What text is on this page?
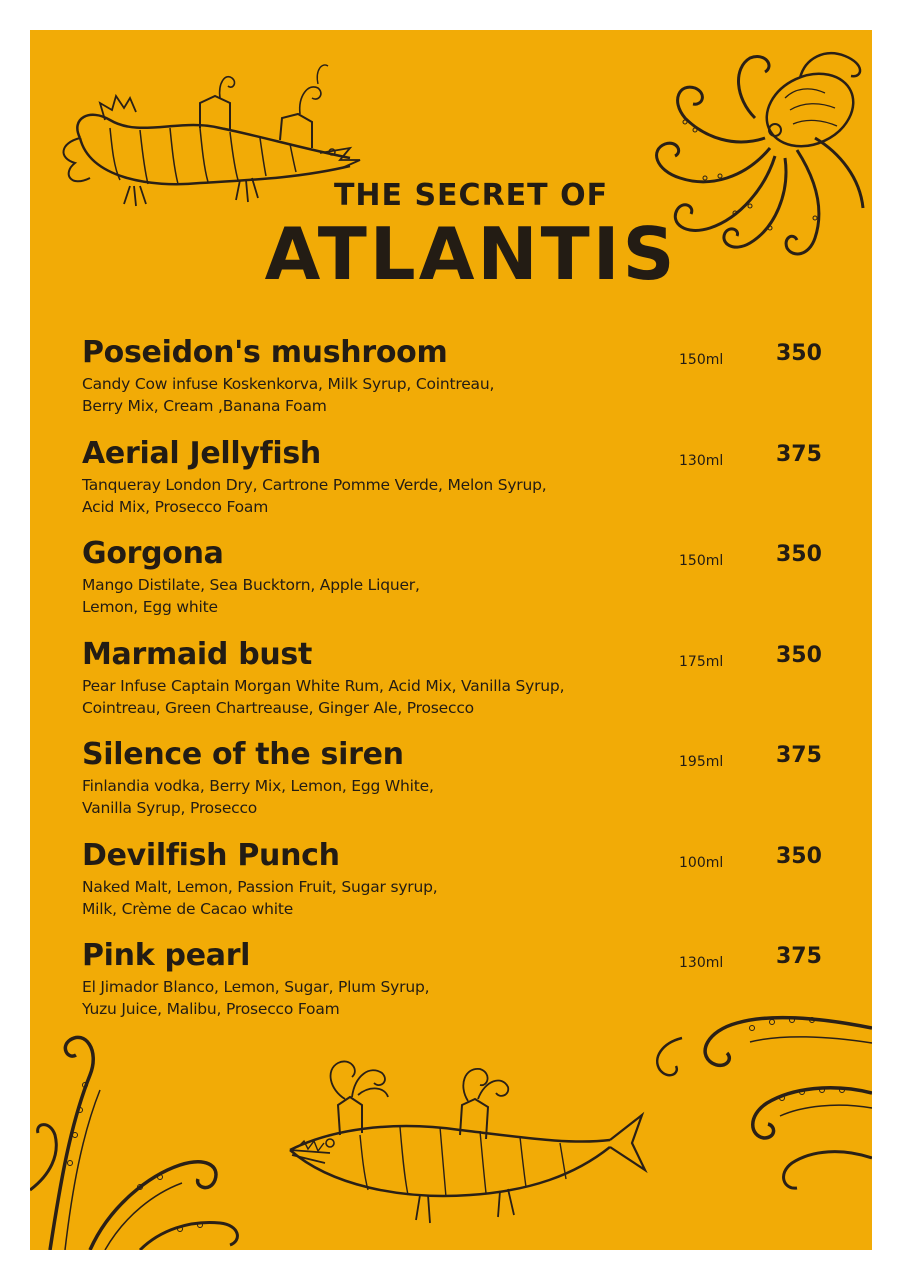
THE SECRET OF
ATLANTIS
Poseidon's mushroom
Candy Cow infuse Koskenkorva, Milk Syrup, Cointreau,
Berry Mix, Cream ,Banana Foam
150ml 350
Aerial Jellyfish
Tanqueray London Dry, Cartrone Pomme Verde, Melon Syrup,
Acid Mix, Prosecco Foam
130ml 375
Gorgona
Mango Distilate, Sea Bucktorn, Apple Liquer,
Lemon, Egg white
150ml 350
Marmaid bust
Pear Infuse Captain Morgan White Rum, Acid Mix, Vanilla Syrup,
Cointreau, Green Chartreause, Ginger Ale, Prosecco
175ml 350
Silence of the siren
Finlandia vodka, Berry Mix, Lemon, Egg White,
Vanilla Syrup, Prosecco
195ml 375
Devilfish Punch
Naked Malt, Lemon, Passion Fruit, Sugar syrup,
Milk, Crème de Cacao white
100ml 350
Pink pearl
El Jimador Blanco, Lemon, Sugar, Plum Syrup,
Yuzu Juice, Malibu, Prosecco Foam
130ml 375
